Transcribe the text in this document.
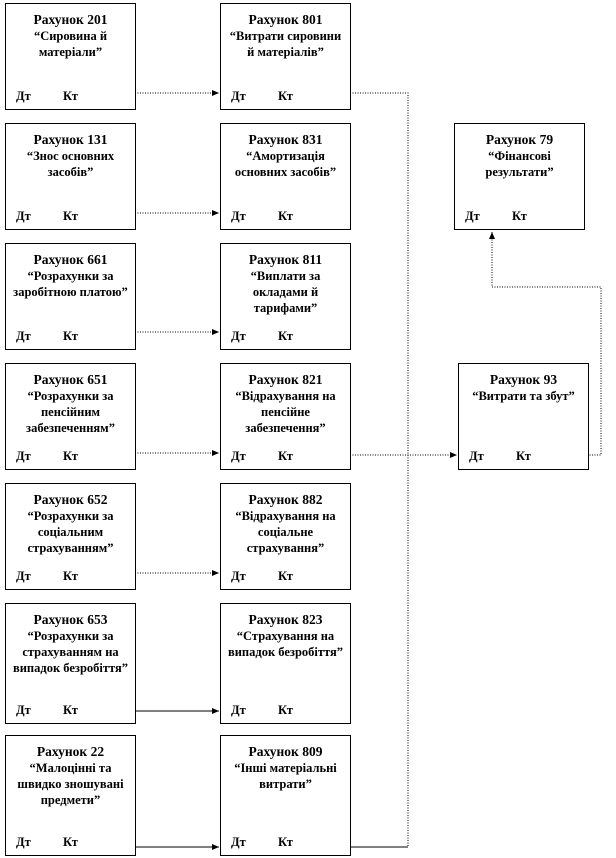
Рахунок 201
“Сировина й матеріали”
Дт	Кт
Рахунок 131
“Знос основних засобів”
Дт	Кт
Рахунок 661
“Розрахунки за заробітною платою”
Дт	Кт
Рахунок 651
“Розрахунки за пенсійним забезпеченням”
Дт	Кт
Рахунок 652
“Розрахунки за соціальним страхуванням”
Дт	Кт
Рахунок 653
“Розрахунки за страхуванням на випадок безробіття”
Дт	Кт
Рахунок 22
“Малоцінні та швидко зношувані предмети”
Дт	Кт
Рахунок 801
“Витрати сировини й матеріалів”
Дт	Кт
Рахунок 831
“Амортизація основних засобів”
Дт	Кт
Рахунок 811
“Виплати за окладами й тарифами”
Дт	Кт
Рахунок 821
“Відрахування на пенсійне забезпечення”
Дт	Кт
Рахунок 882
“Відрахування на соціальне страхування”
Дт	Кт
Рахунок 823
“Страхування на випадок безробіття”
Дт	Кт
Рахунок 809
“Інші матеріальні витрати”
Дт	Кт
Рахунок 79
“Фінансові результати”
Дт	Кт
Рахунок 93
“Витрати та збут”
Дт	Кт
